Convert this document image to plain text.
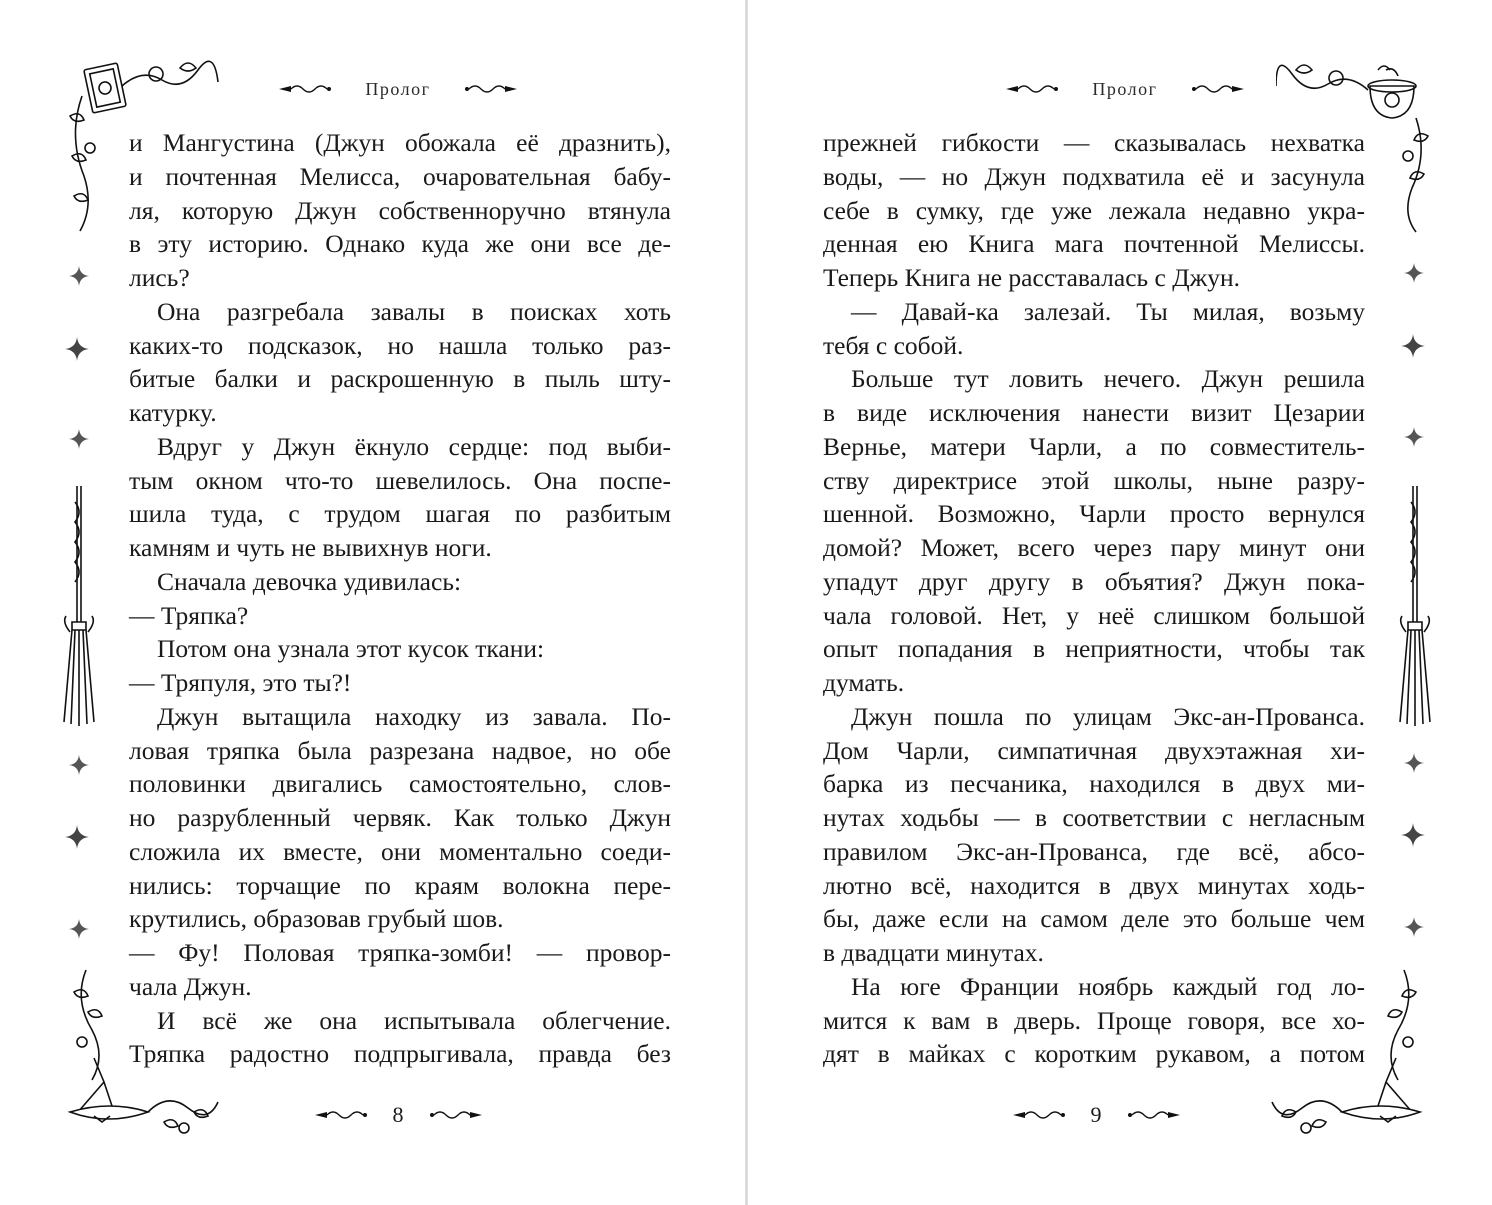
Пролог
и Мангустина (Джун обожала её дразнить),
и почтенная Мелисса, очаровательная бабу-
ля, которую Джун собственноручно втянула
в эту историю. Однако куда же они все де-
лись?
Она разгребала завалы в поисках хоть
каких-то подсказок, но нашла только раз-
битые балки и раскрошенную в пыль шту-
катурку.
Вдруг у Джун ёкнуло сердце: под выби-
тым окном что-то шевелилось. Она поспе-
шила туда, с трудом шагая по разбитым
камням и чуть не вывихнув ноги.
Сначала девочка удивилась:
— Тряпка?
Потом она узнала этот кусок ткани:
— Тряпуля, это ты?!
Джун вытащила находку из завала. По-
ловая тряпка была разрезана надвое, но обе
половинки двигались самостоятельно, слов-
но разрубленный червяк. Как только Джун
сложила их вместе, они моментально соеди-
нились: торчащие по краям волокна пере-
крутились, образовав грубый шов.
— Фу! Половая тряпка-зомби! — провор-
чала Джун.
И всё же она испытывала облегчение.
Тряпка радостно подпрыгивала, правда без
8
Пролог
прежней гибкости — сказывалась нехватка
воды, — но Джун подхватила её и засунула
себе в сумку, где уже лежала недавно укра-
денная ею Книга мага почтенной Мелиссы.
Теперь Книга не расставалась с Джун.
— Давай-ка залезай. Ты милая, возьму
тебя с собой.
Больше тут ловить нечего. Джун решила
в виде исключения нанести визит Цезарии
Вернье, матери Чарли, а по совместитель-
ству директрисе этой школы, ныне разру-
шенной. Возможно, Чарли просто вернулся
домой? Может, всего через пару минут они
упадут друг другу в объятия? Джун пока-
чала головой. Нет, у неё слишком большой
опыт попадания в неприятности, чтобы так
думать.
Джун пошла по улицам Экс-ан-Прованса.
Дом Чарли, симпатичная двухэтажная хи-
барка из песчаника, находился в двух ми-
нутах ходьбы — в соответствии с негласным
правилом Экс-ан-Прованса, где всё, абсо-
лютно всё, находится в двух минутах ходь-
бы, даже если на самом деле это больше чем
в двадцати минутах.
На юге Франции ноябрь каждый год ло-
мится к вам в дверь. Проще говоря, все хо-
дят в майках с коротким рукавом, а потом
9
